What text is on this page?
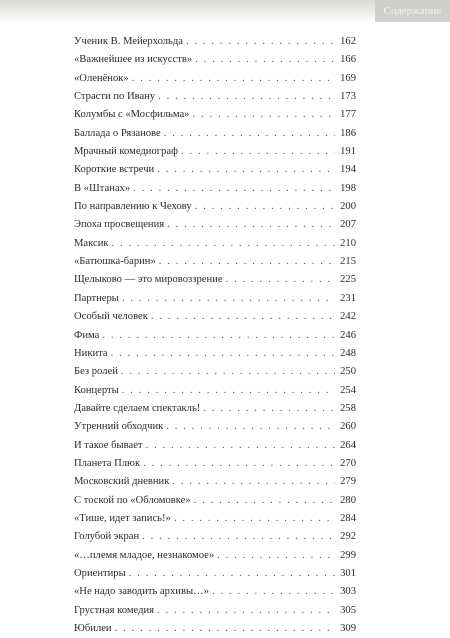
Содержание
Ученик В. Мейерхольда . . .	162
«Важнейшее из искусств» . . .	166
«Оленёнок» . . .	169
Страсти по Ивану . . .	173
Колумбы с «Мосфильма» . . .	177
Баллада о Рязанове . . .	186
Мрачный комедиограф . . .	191
Короткие встречи . . .	194
В «Штанах» . . .	198
По направлению к Чехову . . .	200
Эпоха просвещения . . .	207
Максик . . .	210
«Батюшка-барин» . . .	215
Щелыково — это мировоззрение . . .	225
Партнеры . . .	231
Особый человек . . .	242
Фима . . .	246
Никита . . .	248
Без ролей . . .	250
Концерты . . .	254
Давайте сделаем спектакль! . . .	258
Утренний обходчик . . .	260
И такое бывает . . .	264
Планета Плюк . . .	270
Московский дневник . . .	279
С тоской по «Обломовке» . . .	280
«Тише, идет запись!» . . .	284
Голубой экран . . .	292
«…племя младое, незнакомое» . . .	299
Ориентиры . . .	301
«Не надо заводить архивы…» . . .	303
Грустная комедия . . .	305
Юбилеи . . .	309
